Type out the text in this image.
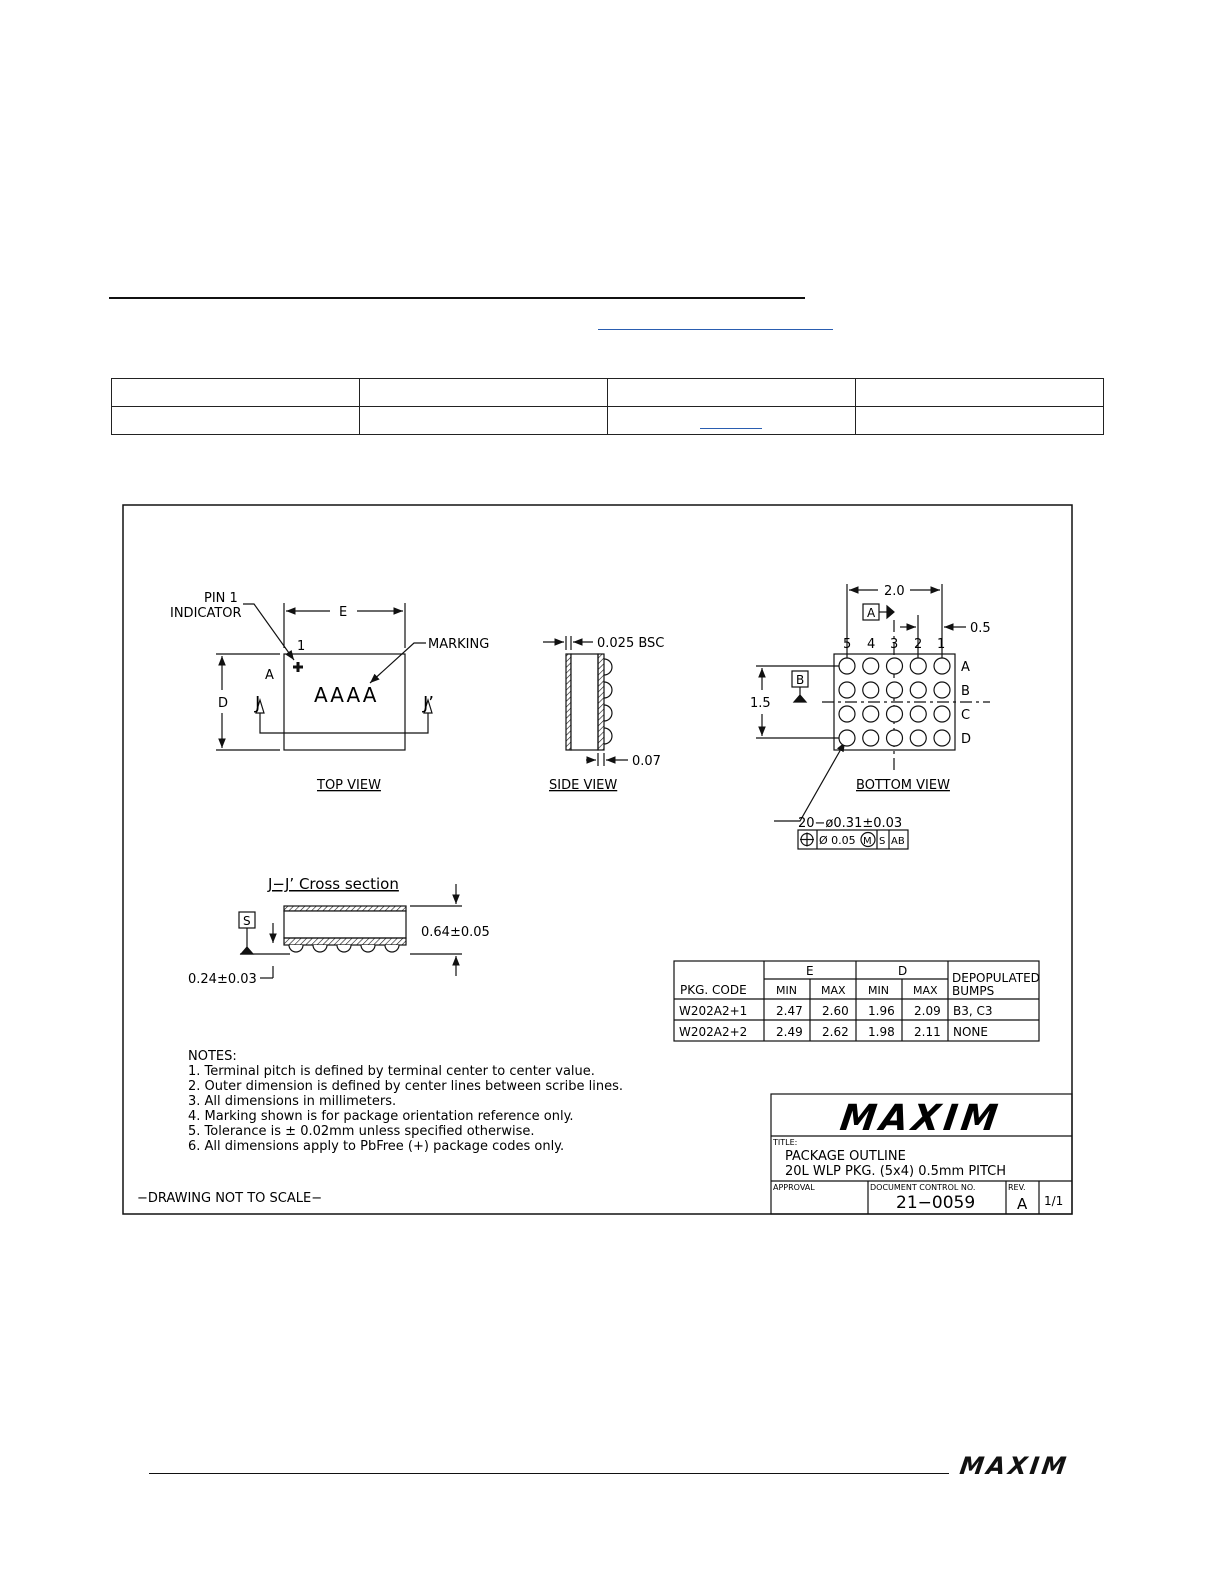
PIN 1
INDICATOR	E
D
MARKING
AAAA
1
A
J	J’
TOP VIEW
0.025 BSC
0.07
SIDE VIEW
2.0
0.5
1.5
A
B
5 4 3 2 1
A
B
C
D
20−ø0.31±0.03
Ø 0.05 M S AB
BOTTOM VIEW
J−J’ Cross section
S
0.64±0.05
0.24±0.03
E	D
PKG. CODE
DEPOPULATED
BUMPS
MIN MAX MIN MAX
W202A2+1 2.47 2.60 1.96 2.09 B3, C3
W202A2+2 2.49 2.62 1.98 2.11 NONE
NOTES:
1. Terminal pitch is defined by terminal center to center value.
2. Outer dimension is defined by center lines between scribe lines.
3. All dimensions in millimeters.
4. Marking shown is for package orientation reference only.
5. Tolerance is ± 0.02mm unless specified otherwise.
6. All dimensions apply to PbFree (+) package codes only.
−DRAWING NOT TO SCALE−
MAXIM
TITLE:
PACKAGE OUTLINE
20L WLP PKG. (5x4) 0.5mm PITCH
APPROVAL	DOCUMENT CONTROL NO.
21−0059
REV.
A 1/1
MAXIM
